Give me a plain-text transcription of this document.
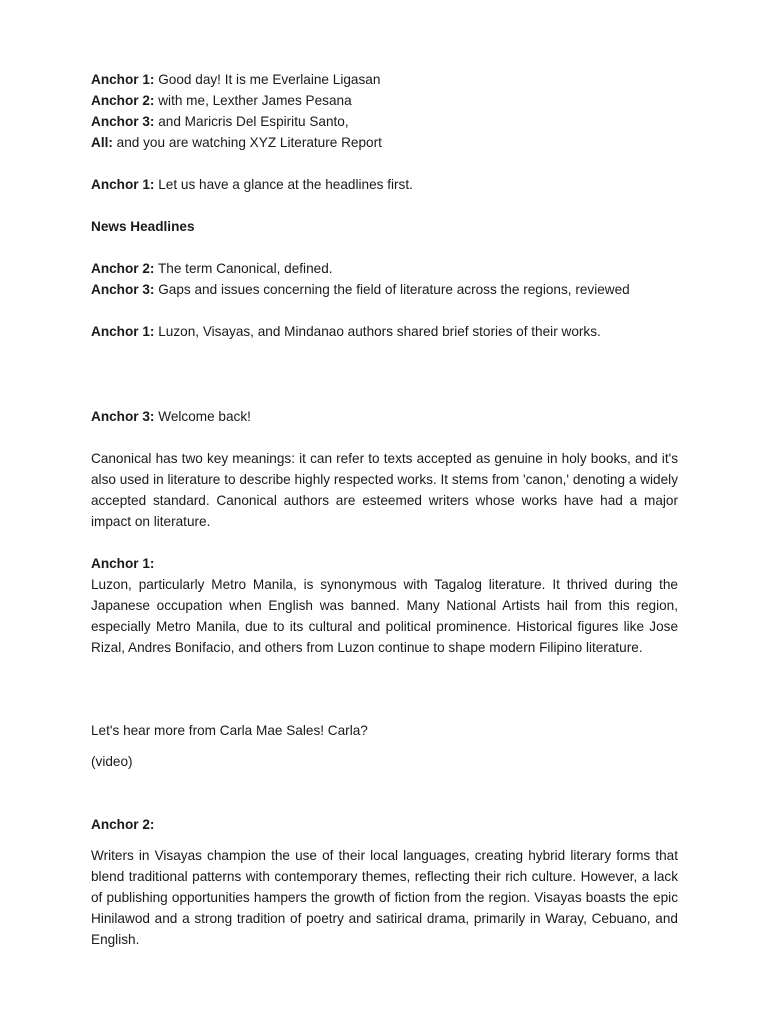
Anchor 1: Good day! It is me Everlaine Ligasan
Anchor 2: with me, Lexther James Pesana
Anchor 3: and Maricris Del Espiritu Santo,
All: and you are watching XYZ Literature Report
Anchor 1: Let us have a glance at the headlines first.
News Headlines
Anchor 2: The term Canonical, defined.
Anchor 3: Gaps and issues concerning the field of literature across the regions, reviewed
Anchor 1: Luzon, Visayas, and Mindanao authors shared brief stories of their works.
Anchor 3: Welcome back!
Canonical has two key meanings: it can refer to texts accepted as genuine in holy books, and it's also used in literature to describe highly respected works. It stems from 'canon,' denoting a widely accepted standard. Canonical authors are esteemed writers whose works have had a major impact on literature.
Anchor 1:
Luzon, particularly Metro Manila, is synonymous with Tagalog literature. It thrived during the Japanese occupation when English was banned. Many National Artists hail from this region, especially Metro Manila, due to its cultural and political prominence. Historical figures like Jose Rizal, Andres Bonifacio, and others from Luzon continue to shape modern Filipino literature.
Let's hear more from Carla Mae Sales! Carla?
(video)
Anchor 2:
Writers in Visayas champion the use of their local languages, creating hybrid literary forms that blend traditional patterns with contemporary themes, reflecting their rich culture. However, a lack of publishing opportunities hampers the growth of fiction from the region. Visayas boasts the epic Hinilawod and a strong tradition of poetry and satirical drama, primarily in Waray, Cebuano, and English.
